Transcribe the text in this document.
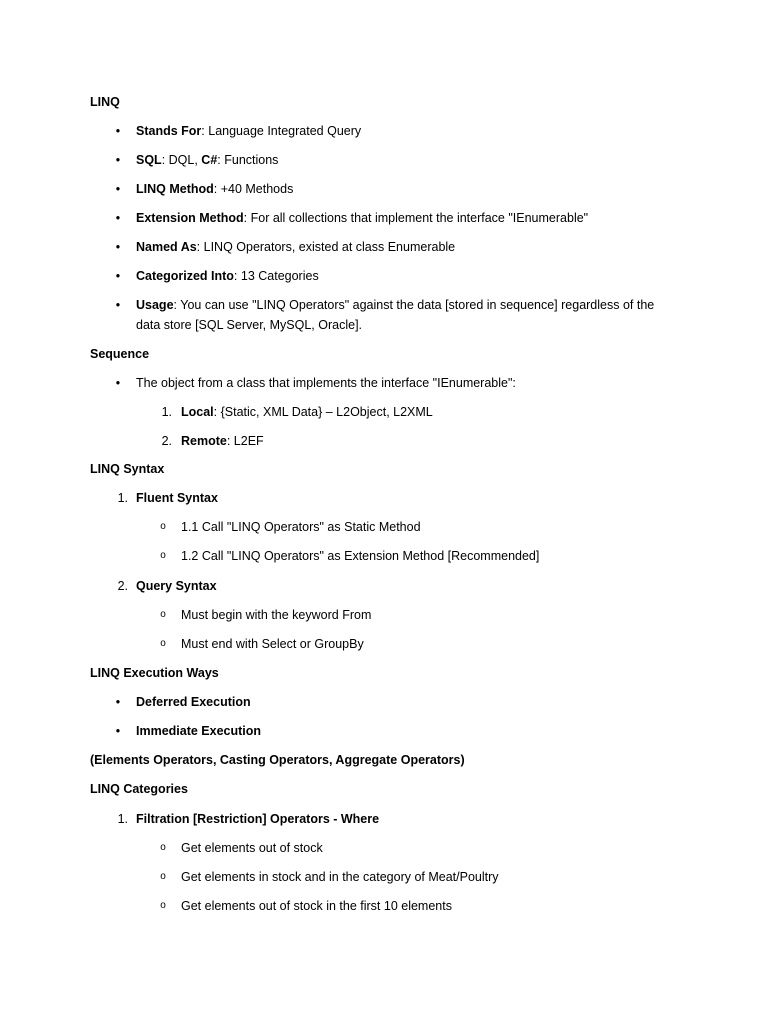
LINQ
• Stands For: Language Integrated Query
• SQL: DQL, C#: Functions
• LINQ Method: +40 Methods
• Extension Method: For all collections that implement the interface "IEnumerable"
• Named As: LINQ Operators, existed at class Enumerable
• Categorized Into: 13 Categories
• Usage: You can use "LINQ Operators" against the data [stored in sequence] regardless of the
data store [SQL Server, MySQL, Oracle].
Sequence
• The object from a class that implements the interface "IEnumerable":
1. Local: {Static, XML Data} – L2Object, L2XML
2. Remote: L2EF
LINQ Syntax
1. Fluent Syntax
o 1.1 Call "LINQ Operators" as Static Method
o 1.2 Call "LINQ Operators" as Extension Method [Recommended]
2. Query Syntax
o Must begin with the keyword From
o Must end with Select or GroupBy
LINQ Execution Ways
• Deferred Execution
• Immediate Execution
(Elements Operators, Casting Operators, Aggregate Operators)
LINQ Categories
1. Filtration [Restriction] Operators - Where
o Get elements out of stock
o Get elements in stock and in the category of Meat/Poultry
o Get elements out of stock in the first 10 elements
